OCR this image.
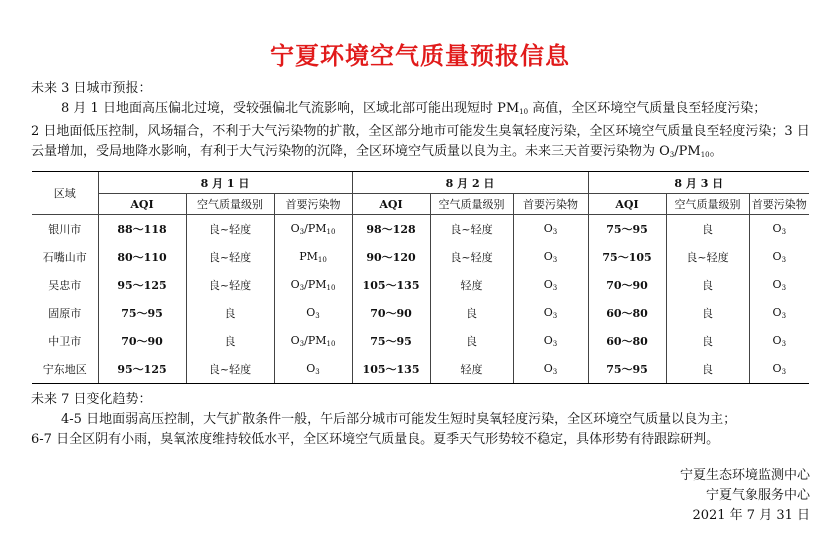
宁夏环境空气质量预报信息
未来 3 日城市预报：

8 月 1 日地面高压偏北过境，受较强偏北气流影响，区域北部可能出现短时 $PM_{10}$ 高值，全区环境空气质量良至轻度污染；

2 日地面低压控制，风场辐合，不利于大气污染物的扩散，全区部分地市可能发生臭氧轻度污染，全区环境空气质量良至轻度污染；3 日云量增加，受局地降水影响，有利于大气污染物的沉降，全区环境空气质量以良为主。未来三天首要污染物为 $O_3/PM_{10}$。

区域	8 月 1 日			8 月 2 日			8 月 3 日		
	AQI	空气质量级别	首要污染物	AQI	空气质量级别	首要污染物	AQI	空气质量级别	首要污染物
银川市	88～118	良~轻度	$O_3/PM_{10}$	98～128	良~轻度	$O_3$	75～95	良	$O_3$
石嘴山市	80～110	良~轻度	$PM_{10}$	90～120	良~轻度	$O_3$	75～105	良~轻度	$O_3$
吴忠市	95～125	良~轻度	$O_3/PM_{10}$	105～135	轻度	$O_3$	70～90	良	$O_3$
固原市	75～95	良	$O_3$	70～90	良	$O_3$	60～80	良	$O_3$
中卫市	70～90	良	$O_3/PM_{10}$	75～95	良	$O_3$	60～80	良	$O_3$
宁东地区	95～125	良~轻度	$O_3$	105～135	轻度	$O_3$	75～95	良	$O_3$
未来 7 日变化趋势：

4-5 日地面弱高压控制，大气扩散条件一般，午后部分城市可能发生短时臭氧轻度污染，全区环境空气质量以良为主；

6-7 日全区阴有小雨，臭氧浓度维持较低水平，全区环境空气质量良。夏季天气形势较不稳定，具体形势有待跟踪研判。

宁夏生态环境监测中心
宁夏气象服务中心
2021 年 7 月 31 日
